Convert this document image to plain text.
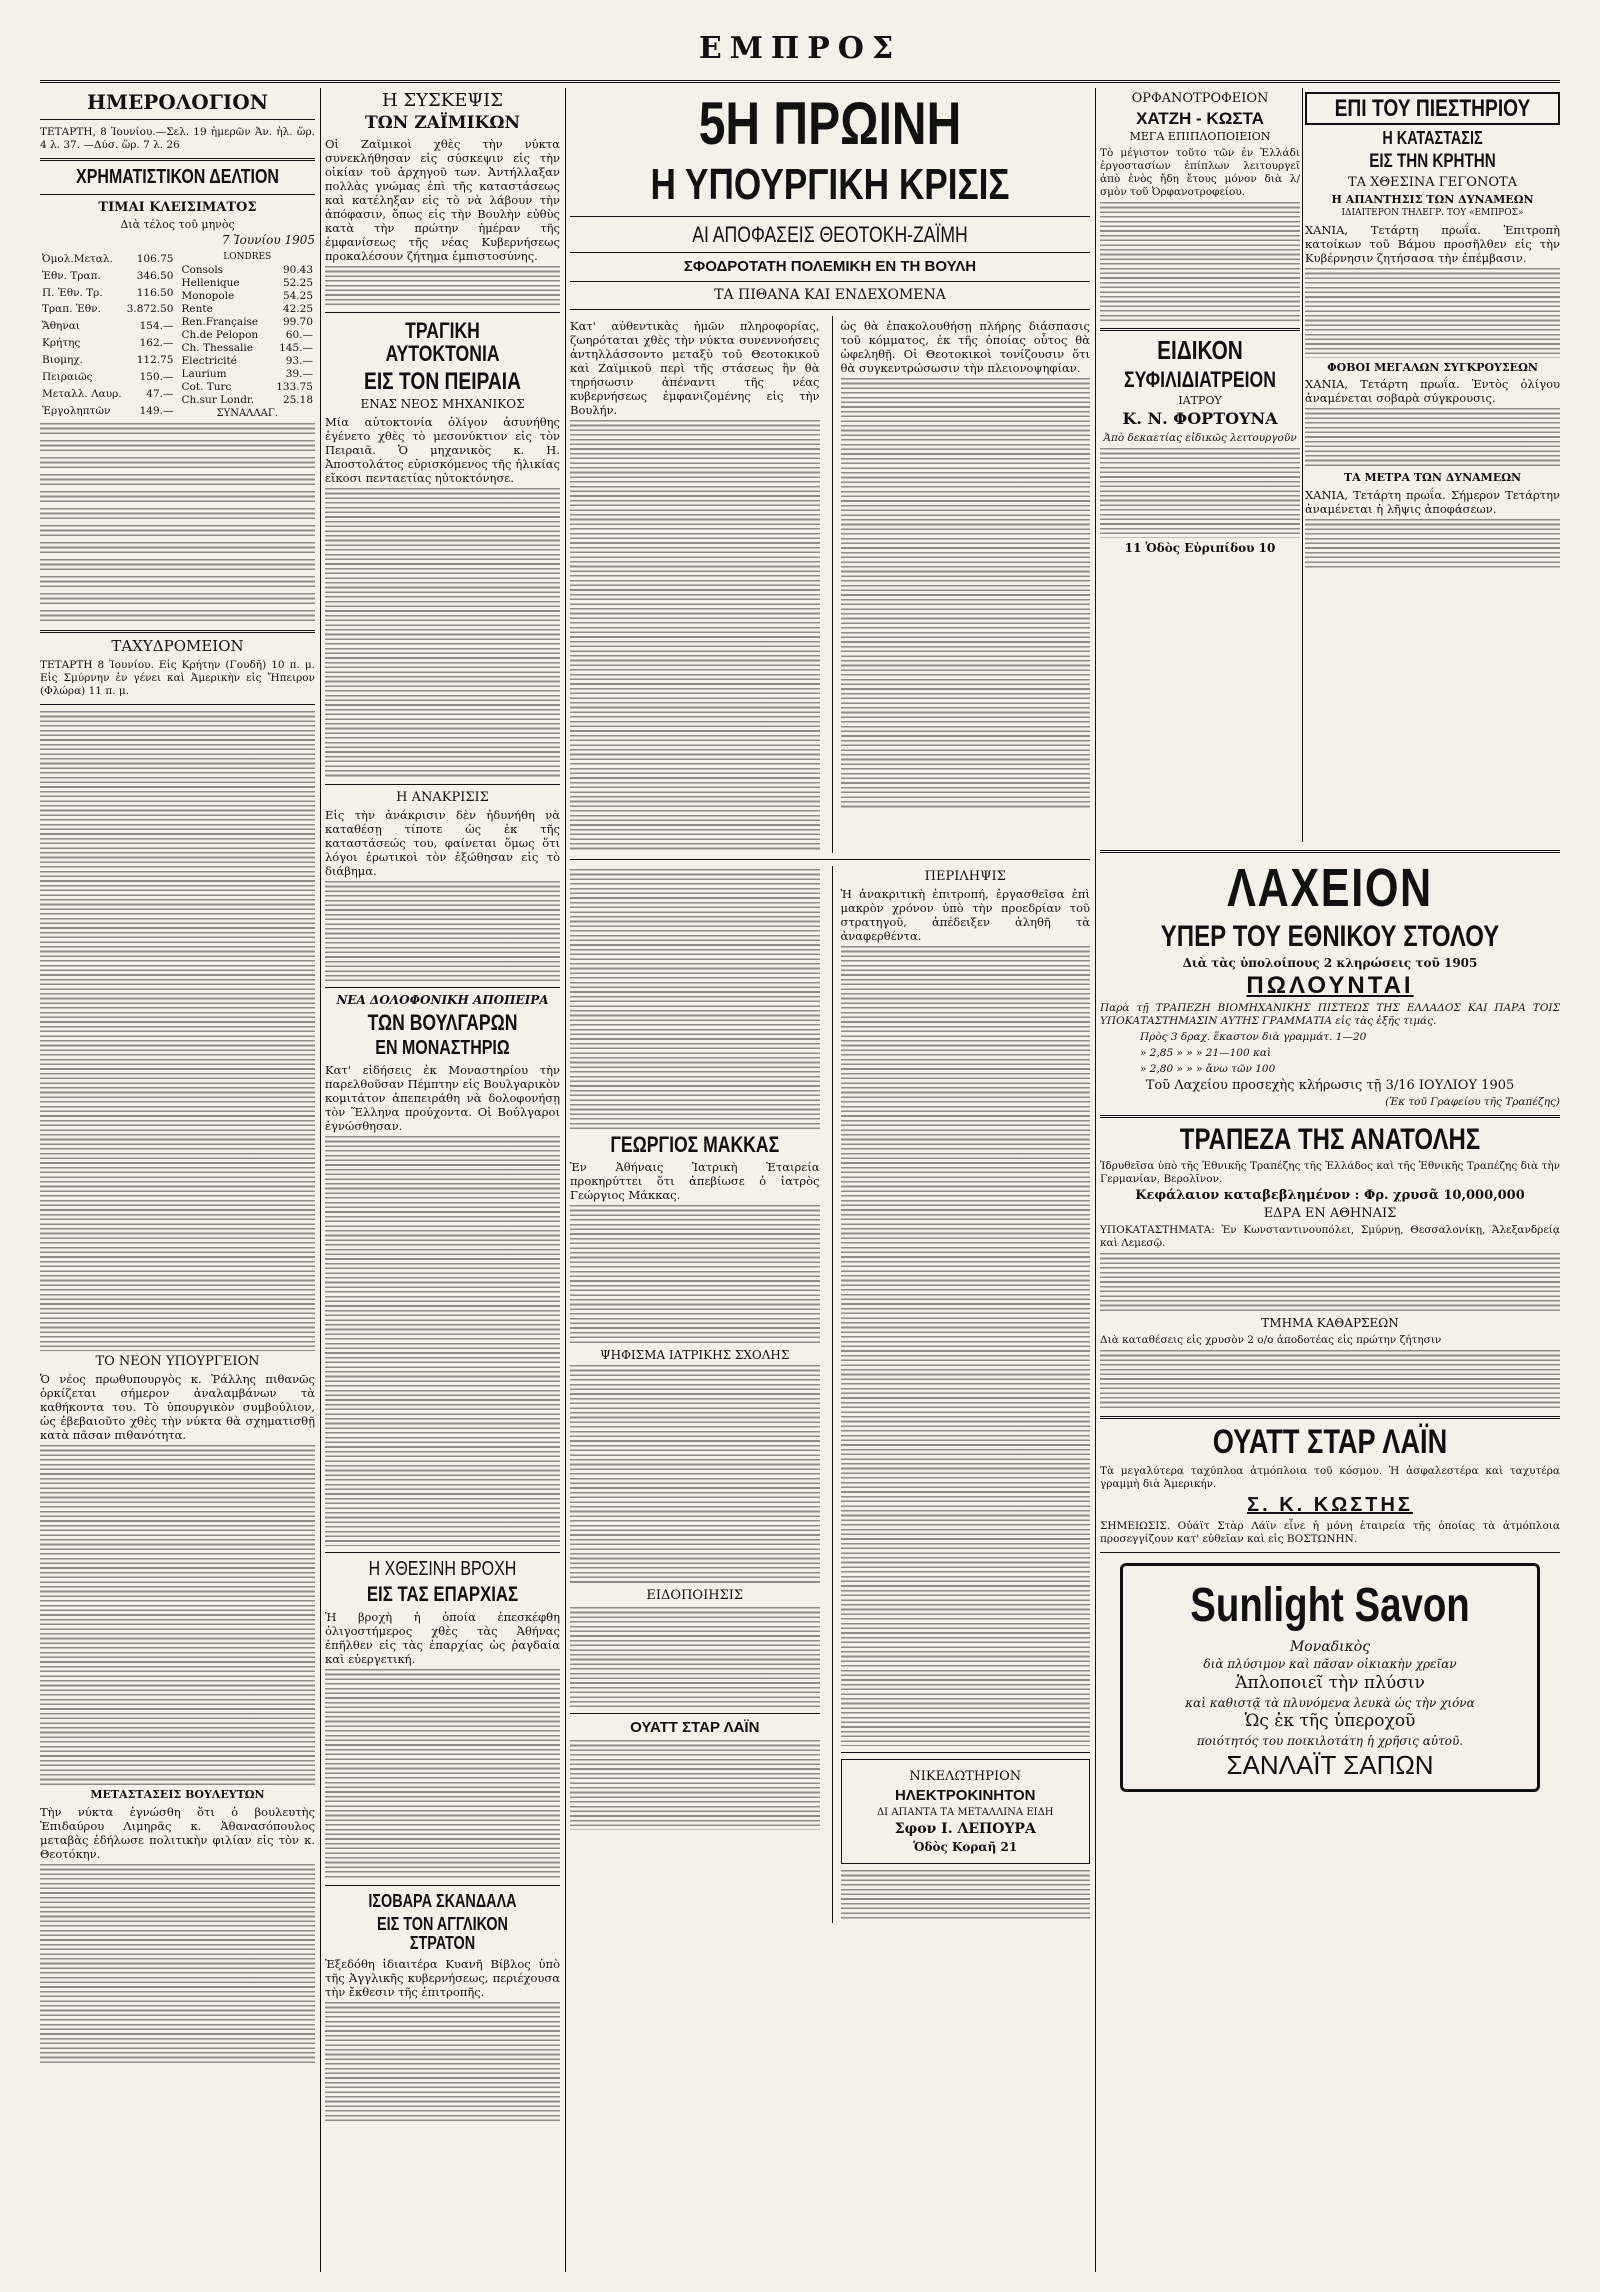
ΕΜΠΡΟΣ
ΗΜΕΡΟΛΟΓΙΟΝ

ΤΕΤΑΡΤΗ, 8 Ἰουνίου.—Σελ. 19 ἡμερῶν Ἀν. ἡλ. ὥρ. 4 λ. 37. —Δύσ. ὥρ. 7 λ. 26

ΧΡΗΜΑΤΙΣΤΙΚΟΝ ΔΕΛΤΙΟΝ
ΤΙΜΑΙ ΚΛΕΙΣΙΜΑΤΟΣ
Διὰ τέλος τοῦ μηνὸς
7 Ἰουνίου 1905
Ὀμολ.Μεταλ.	106.75
Ἐθν. Τραπ.	346.50
Π. Ἐθν. Τρ.	116.50
Τραπ. Ἐθν.	3.872.50
Ἄθηναι	154.—
Κρήτης	162.—
Βιομηχ.	112.75
Πειραιῶς	150.—
Μεταλλ. Λαυρ.	47.—
Ἐργοληπτῶν	149.—
LONDRES	
Consols	90.43
Hellenique	52.25
Monopole	54.25
Rente	42.25
Ren.Française	99.70
Ch.de Pelopon	60.—
Ch. Thessalie	145.—
Electricité	93.—
Laurium	39.—
Cot. Turc	133.75
Ch.sur Londr.	25.18
ΣΥΝΑΛΛΑΓ.	
ΤΑΧΥΔΡΟΜΕΙΟΝ

ΤΕΤΑΡΤΗ 8 Ἰουνίου. Εἰς Κρήτην (Γουδῆ) 10 π. μ. Εἰς Σμύρνην ἐν γένει καὶ Ἀμερικὴν εἰς Ἤπειρον (Φλώρα) 11 π. μ.

ΤΟ ΝΕΟΝ ΥΠΟΥΡΓΕΙΟΝ

Ὁ νέος πρωθυπουργὸς κ. Ῥάλλης πιθανῶς ὁρκίζεται σήμερον ἀναλαμβάνων τὰ καθήκοντα του. Τὸ ὑπουργικὸν συμβούλιον, ὡς ἐβεβαιοῦτο χθὲς τὴν νύκτα θὰ σχηματισθῇ κατὰ πᾶσαν πιθανότητα.

ΜΕΤΑΣΤΑΣΕΙΣ ΒΟΥΛΕΥΤΩΝ

Τὴν νύκτα ἐγνώσθη ὅτι ὁ βουλευτὴς Ἐπιδαύρου Λιμηρᾶς κ. Ἀθανασόπουλος μεταβὰς ἐδήλωσε πολιτικὴν φιλίαν εἰς τὸν κ. Θεοτόκην.

Η ΣΥΣΚΕΨΙΣ
ΤΩΝ ΖΑΪΜΙΚΩΝ

Οἱ Ζαϊμικοὶ χθὲς τὴν νύκτα συνεκλήθησαν εἰς σύσκεψιν εἰς τὴν οἰκίαν τοῦ ἀρχηγοῦ των. Ἀντήλλαξαν πολλὰς γνώμας ἐπὶ τῆς καταστάσεως καὶ κατέληξαν εἰς τὸ νὰ λάβουν τὴν ἀπόφασιν, ὅπως εἰς τὴν Βουλὴν εὐθὺς κατὰ τὴν πρώτην ἡμέραν τῆς ἐμφανίσεως τῆς νέας Κυβερνήσεως προκαλέσουν ζήτημα ἐμπιστοσύνης.

ΤΡΑΓΙΚΗ ΑΥΤΟΚΤΟΝΙΑ
ΕΙΣ ΤΟΝ ΠΕΙΡΑΙΑ
ΕΝΑΣ ΝΕΟΣ ΜΗΧΑΝΙΚΟΣ

Μία αὐτοκτονία ὀλίγον ἀσυνήθης ἐγένετο χθὲς τὸ μεσονύκτιον εἰς τὸν Πειραιᾶ. Ὁ μηχανικὸς κ. Η. Ἀποστολάτος εὑρισκόμενος τῆς ἡλικίας εἴκοσι πενταετίας ηὐτοκτόνησε.

Η ΑΝΑΚΡΙΣΙΣ

Εἰς τὴν ἀνάκρισιν δὲν ἠδυνήθη νὰ καταθέσῃ τίποτε ὡς ἐκ τῆς καταστάσεώς του, φαίνεται ὅμως ὅτι λόγοι ἐρωτικοὶ τὸν ἐξώθησαν εἰς τὸ διάβημα.

ΝΕΑ ΔΟΛΟΦΟΝΙΚΗ ΑΠΟΠΕΙΡΑ
ΤΩΝ ΒΟΥΛΓΑΡΩΝ
ΕΝ ΜΟΝΑΣΤΗΡΙΩ

Κατ' εἰδήσεις ἐκ Μοναστηρίου τὴν παρελθοῦσαν Πέμπτην εἰς Βουλγαρικὸν κομιτάτον ἀπεπειράθη νὰ δολοφονήσῃ τὸν Ἕλληνα προύχοντα. Οἱ Βούλγαροι ἐγνώσθησαν.

Η ΧΘΕΣΙΝΗ ΒΡΟΧΗ
ΕΙΣ ΤΑΣ ΕΠΑΡΧΙΑΣ

Ἡ βροχὴ ἡ ὁποία ἐπεσκέφθη ὀλιγοστήμερος χθὲς τὰς Ἀθήνας ἐπῆλθεν εἰς τὰς ἐπαρχίας ὡς ῥαγδαία καὶ εὐεργετική.

ΙΣΟΒΑΡΑ ΣΚΑΝΔΑΛΑ
ΕΙΣ ΤΟΝ ΑΓΓΛΙΚΟΝ ΣΤΡΑΤΟΝ

Ἐξεδόθη ἰδιαιτέρα Κυανῆ Βίβλος ὑπὸ τῆς Ἀγγλικῆς κυβερνήσεως, περιέχουσα τὴν ἔκθεσιν τῆς ἐπιτροπῆς.

5Η ΠΡΩΙΝΗ
Η ΥΠΟΥΡΓΙΚΗ ΚΡΙΣΙΣ
ΑΙ ΑΠΟΦΑΣΕΙΣ ΘΕΟΤΟΚΗ-ΖΑΪΜΗ
ΣΦΟΔΡΟΤΑΤΗ ΠΟΛΕΜΙΚΗ ΕΝ ΤΗ ΒΟΥΛΗ
ΤΑ ΠΙΘΑΝΑ ΚΑΙ ΕΝΔΕΧΟΜΕΝΑ

Κατ' αὐθεντικὰς ἡμῶν πληροφορίας, ζωηρόταται χθὲς τὴν νύκτα συνεννοήσεις ἀντηλλάσσοντο μεταξὺ τοῦ Θεοτοκικοῦ καὶ Ζαϊμικοῦ περὶ τῆς στάσεως ἣν θὰ τηρήσωσιν ἀπέναντι τῆς νέας κυβερνήσεως ἐμφανιζομένης εἰς τὴν Βουλήν.

ὡς θὰ ἐπακολουθήσῃ πλήρης διάσπασις τοῦ κόμματος, ἐκ τῆς ὁποίας οὗτος θὰ ὠφεληθῇ. Οἱ Θεοτοκικοὶ τονίζουσιν ὅτι θὰ συγκεντρώσωσιν τὴν πλειονοψηφίαν.

ΓΕΩΡΓΙΟΣ ΜΑΚΚΑΣ

Ἐν Ἀθήναις Ἰατρικὴ Ἑταιρεία προκηρύττει ὅτι ἀπεβίωσε ὁ ἰατρὸς Γεώργιος Μάκκας.

ΨΗΦΙΣΜΑ ΙΑΤΡΙΚΗΣ ΣΧΟΛΗΣ
ΕΙΔΟΠΟΙΗΣΙΣ
ΟΥΑΤΤ ΣΤΑΡ ΛΑΪΝ
ΠΕΡΙΛΗΨΙΣ

Ἡ ἀνακριτικὴ ἐπιτροπή, ἐργασθεῖσα ἐπὶ μακρὸν χρόνον ὑπὸ τὴν προεδρίαν τοῦ στρατηγοῦ, ἀπέδειξεν ἀληθῆ τὰ ἀναφερθέντα.

ΝΙΚΕΛΩΤΗΡΙΟΝ
ΗΛΕΚΤΡΟΚΙΝΗΤΟΝ
ΔΙ ΑΠΑΝΤΑ ΤΑ ΜΕΤΑΛΛΙΝΑ ΕΙΔΗ
Σφον Ι. ΛΕΠΟΥΡΑ
Ὁδὸς Κοραῆ 21
ΟΡΦΑΝΟΤΡΟΦΕΙΟΝ
ΧΑΤΖΗ - ΚΩΣΤΑ
ΜΕΓΑ ΕΠΙΠΛΟΠΟΙΕΙΟΝ

Τὸ μέγιστον τοῦτο τῶν ἐν Ἑλλάδι ἐργοστασίων ἐπίπλων λειτουργεῖ ἀπὸ ἐνὸς ἤδη ἔτους μόνον διὰ λ/σμὸν τοῦ Ὀρφανοτροφείου.

ΕΙΔΙΚΟΝ
ΣΥΦΙΛΙΔΙΑΤΡΕΙΟΝ
ΙΑΤΡΟΥ
Κ. Ν. ΦΟΡΤΟΥΝΑ

Ἀπὸ δεκαετίας εἰδικῶς λειτουργοῦν

11 Ὁδὸς Εὐριπίδου 10
ΕΠΙ ΤΟΥ ΠΙΕΣΤΗΡΙΟΥ
Η ΚΑΤΑΣΤΑΣΙΣ
ΕΙΣ ΤΗΝ ΚΡΗΤΗΝ
ΤΑ ΧΘΕΣΙΝΑ ΓΕΓΟΝΟΤΑ
Η ΑΠΑΝΤΗΣΙΣ ΤΩΝ ΔΥΝΑΜΕΩΝ
ΙΔΙΑΙΤΕΡΟΝ ΤΗΛΕΓΡ. ΤΟΥ «ΕΜΠΡΟΣ»

ΧΑΝΙΑ, Τετάρτη πρωΐα. Ἐπιτροπὴ κατοίκων τοῦ Βάμου προσῆλθεν εἰς τὴν Κυβέρνησιν ζητήσασα τὴν ἐπέμβασιν.

ΦΟΒΟΙ ΜΕΓΑΛΩΝ ΣΥΓΚΡΟΥΣΕΩΝ

ΧΑΝΙΑ, Τετάρτη πρωΐα. Ἐντὸς ὀλίγου ἀναμένεται σοβαρὰ σύγκρουσις.

ΤΑ ΜΕΤΡΑ ΤΩΝ ΔΥΝΑΜΕΩΝ

ΧΑΝΙΑ, Τετάρτη πρωΐα. Σήμερον Τετάρτην ἀναμένεται ἡ λῆψις ἀποφάσεων.

ΛΑΧΕΙΟΝ
ΥΠΕΡ ΤΟΥ ΕΘΝΙΚΟΥ ΣΤΟΛΟΥ
Διὰ τὰς ὑπολοίπους 2 κληρώσεις τοῦ 1905
ΠΩΛΟΥΝΤΑΙ

Παρὰ τῇ ΤΡΑΠΕΖΗ ΒΙΟΜΗΧΑΝΙΚΗΣ ΠΙΣΤΕΩΣ ΤΗΣ ΕΛΛΑΔΟΣ ΚΑΙ ΠΑΡΑ ΤΟΙΣ ΥΠΟΚΑΤΑΣΤΗΜΑΣΙΝ ΑΥΤΗΣ ΓΡΑΜΜΑΤΙΑ εἰς τὰς ἑξῆς τιμάς.

Πρὸς 3 δραχ. ἕκαστον διὰ γραμμάτ. 1—20

» 2,85 » » » 21—100 καὶ

» 2,80 » » » ἄνω τῶν 100

Τοῦ Λαχείου προσεχὴς κλήρωσις τῇ 3/16 ΙΟΥΛΙΟΥ 1905

(Ἐκ τοῦ Γραφείου τῆς Τραπέζης)

ΤΡΑΠΕΖΑ ΤΗΣ ΑΝΑΤΟΛΗΣ

Ἱδρυθεῖσα ὑπὸ τῆς Ἐθνικῆς Τραπέζης τῆς Ἑλλάδος καὶ τῆς Ἐθνικῆς Τραπέζης διὰ τὴν Γερμανίαν, Βερολῖνον.

Κεφάλαιον καταβεβλημένον : Φρ. χρυσᾶ 10,000,000

ΕΔΡΑ ΕΝ ΑΘΗΝΑΙΣ

ΥΠΟΚΑΤΑΣΤΗΜΑΤΑ: Ἐν Κωνσταντινουπόλει, Σμύρνῃ, Θεσσαλονίκῃ, Ἀλεξανδρείᾳ καὶ Λεμεσῷ.

ΤΜΗΜΑ ΚΑΘΑΡΣΕΩΝ

Διὰ καταθέσεις εἰς χρυσὸν 2 ο/ο ἀποδοτέας εἰς πρώτην ζήτησιν

ΟΥΑΤΤ ΣΤΑΡ ΛΑΪΝ

Τὰ μεγαλύτερα ταχύπλοα ἀτμόπλοια τοῦ κόσμου. Ἡ ἀσφαλεστέρα καὶ ταχυτέρα γραμμὴ διὰ Ἀμερικήν.

Σ. Κ. ΚΩΣΤΗΣ

ΣΗΜΕΙΩΣΙΣ. Οὐάϊτ Στὰρ Λάϊν εἶνε ἡ μόνη ἑταιρεία τῆς ὁποίας τὰ ἀτμόπλοια προσεγγίζουν κατ' εὐθεῖαν καὶ εἰς ΒΟΣΤΩΝΗΝ.

Sunlight Savon
Μοναδικὸς
διὰ πλύσιμον καὶ πᾶσαν οἰκιακὴν χρεῖαν
Ἁπλοποιεῖ τὴν πλύσιν
καὶ καθιστᾷ τὰ πλυνόμενα λευκὰ ὡς τὴν χιόνα
Ὡς ἐκ τῆς ὑπεροχοῦ
ποιότητός του ποικιλοτάτη ἡ χρῆσις αὐτοῦ.
ΣΑΝΛΑΪΤ ΣΑΠΩΝ
